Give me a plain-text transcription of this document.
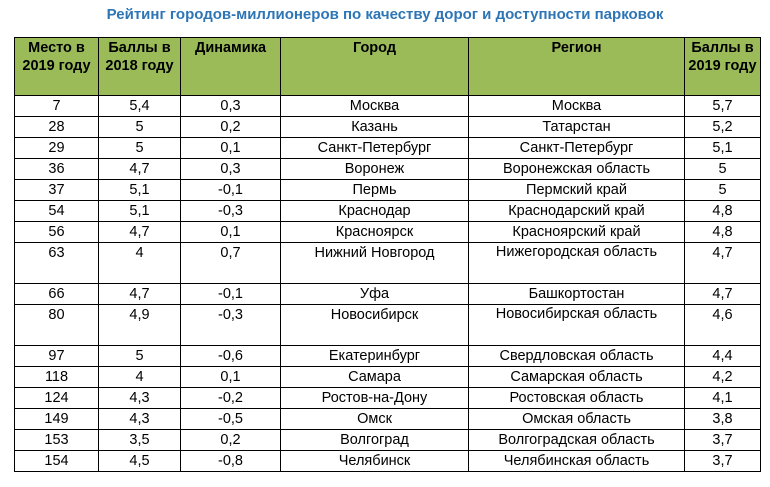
Рейтинг городов-миллионеров по качеству дорог и доступности парковок
Место в 2019 году	Баллы в 2018 году	Динамика	Город	Регион	Баллы в 2019 году
7	5,4	0,3	Москва	Москва	5,7
28	5	0,2	Казань	Татарстан	5,2
29	5	0,1	Санкт-Петербург	Санкт-Петербург	5,1
36	4,7	0,3	Воронеж	Воронежская область	5
37	5,1	-0,1	Пермь	Пермский край	5
54	5,1	-0,3	Краснодар	Краснодарский край	4,8
56	4,7	0,1	Красноярск	Красноярский край	4,8
63	4	0,7	Нижний Новгород	Нижегородская область	4,7
66	4,7	-0,1	Уфа	Башкортостан	4,7
80	4,9	-0,3	Новосибирск	Новосибирская область	4,6
97	5	-0,6	Екатеринбург	Свердловская область	4,4
118	4	0,1	Самара	Самарская область	4,2
124	4,3	-0,2	Ростов-на-Дону	Ростовская область	4,1
149	4,3	-0,5	Омск	Омская область	3,8
153	3,5	0,2	Волгоград	Волгоградская область	3,7
154	4,5	-0,8	Челябинск	Челябинская область	3,7
